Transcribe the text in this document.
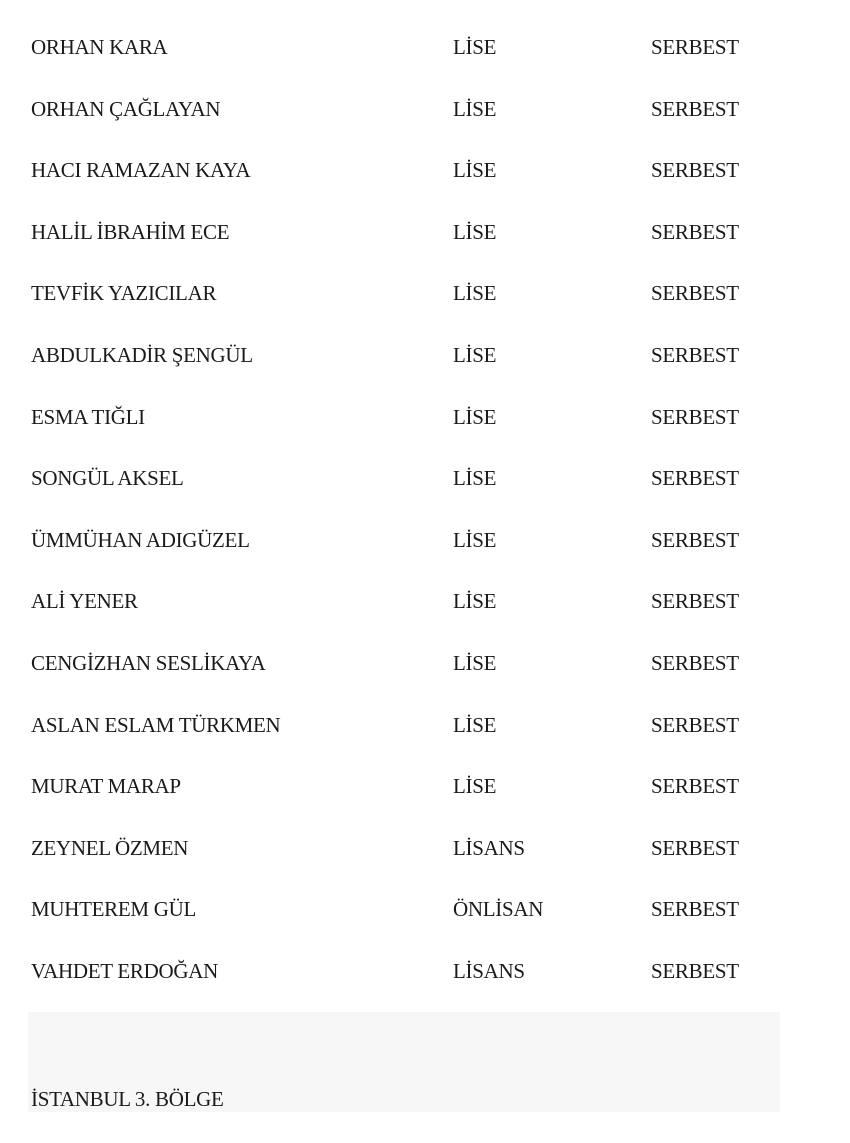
ORHAN KARA	LİSE	SERBEST
ORHAN ÇAĞLAYAN	LİSE	SERBEST
HACI RAMAZAN KAYA	LİSE	SERBEST
HALİL İBRAHİM ECE	LİSE	SERBEST
TEVFİK YAZICILAR	LİSE	SERBEST
ABDULKADİR ŞENGÜL	LİSE	SERBEST
ESMA TIĞLI	LİSE	SERBEST
SONGÜL AKSEL	LİSE	SERBEST
ÜMMÜHAN ADIGÜZEL	LİSE	SERBEST
ALİ YENER	LİSE	SERBEST
CENGİZHAN SESLİKAYA	LİSE	SERBEST
ASLAN ESLAM TÜRKMEN	LİSE	SERBEST
MURAT MARAP	LİSE	SERBEST
ZEYNEL ÖZMEN	LİSANS	SERBEST
MUHTEREM GÜL	ÖNLİSAN	SERBEST
VAHDET ERDOĞAN	LİSANS	SERBEST
İSTANBUL 3. BÖLGE
